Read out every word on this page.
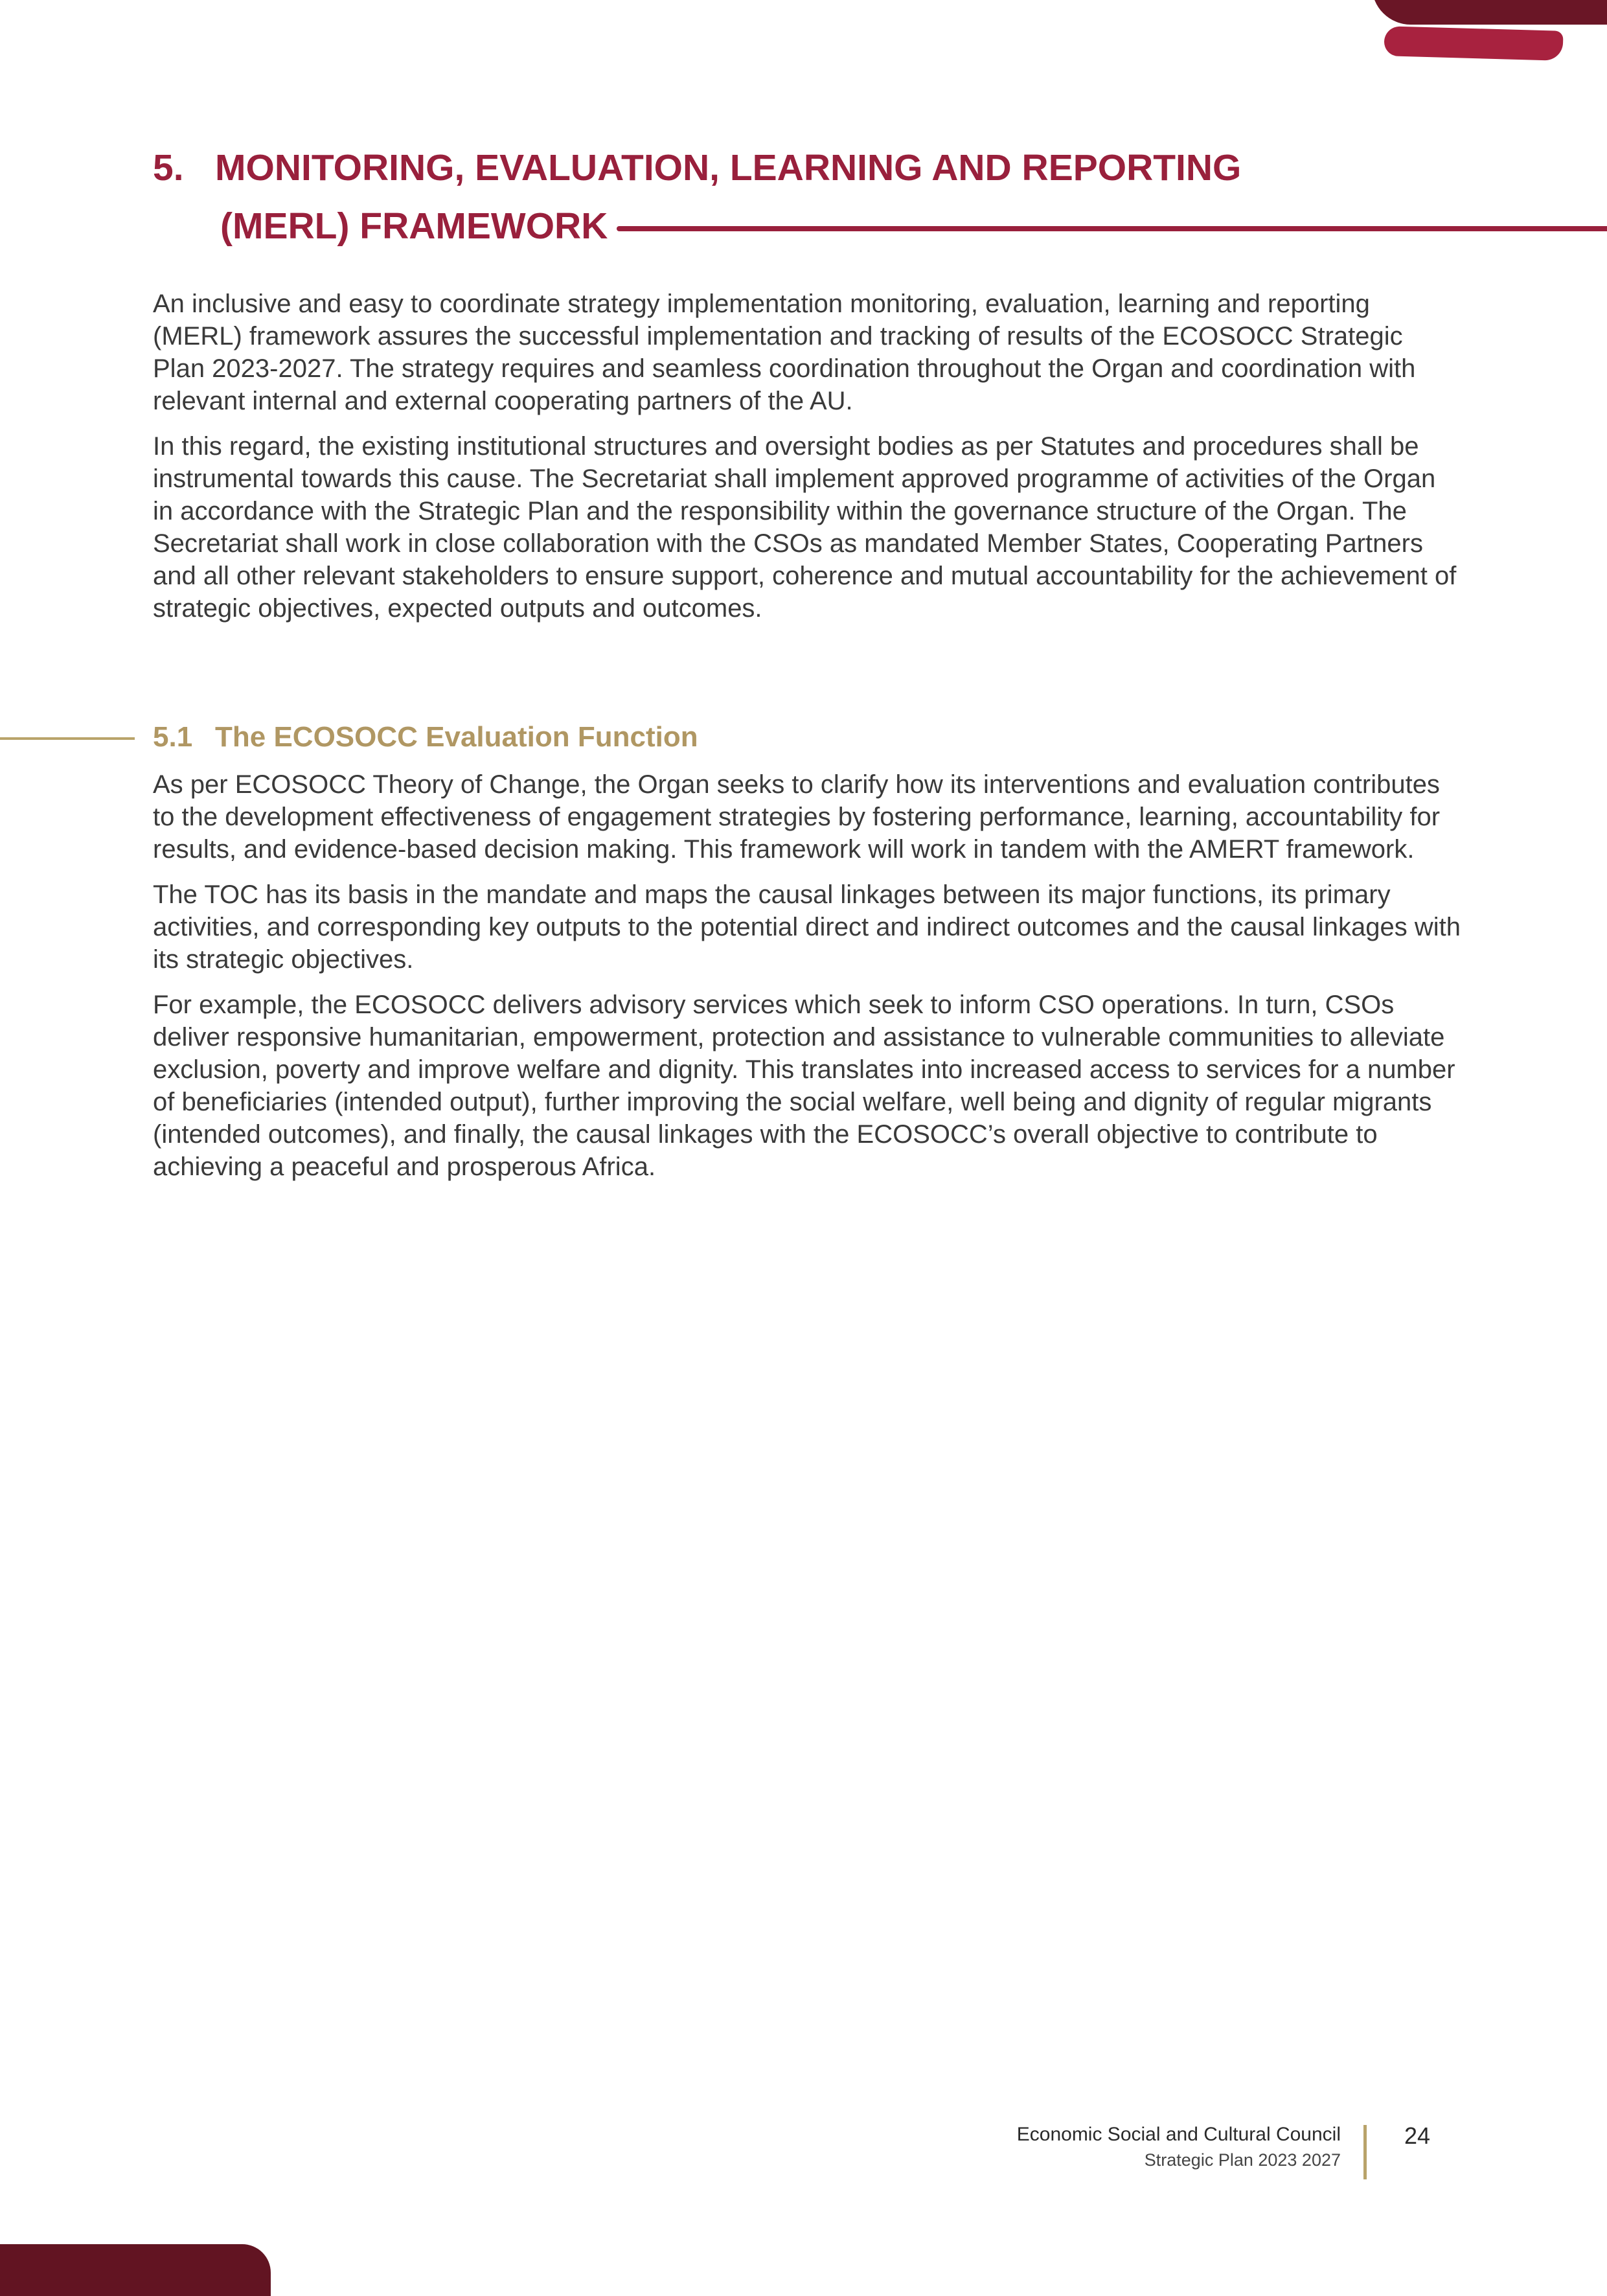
5. MONITORING, EVALUATION, LEARNING AND REPORTING
(MERL) FRAMEWORK

An inclusive and easy to coordinate strategy implementation monitoring, evaluation, learning and reporting (MERL) framework assures the successful implementation and tracking of results of the ECOSOCC Strategic Plan 2023-2027. The strategy requires and seamless coordination throughout the Organ and coordination with relevant internal and external cooperating partners of the AU.

In this regard, the existing institutional structures and oversight bodies as per Statutes and procedures shall be instrumental towards this cause. The Secretariat shall implement approved programme of activities of the Organ in accordance with the Strategic Plan and the responsibility within the governance structure of the Organ. The Secretariat shall work in close collaboration with the CSOs as mandated Member States, Cooperating Partners and all other relevant stakeholders to ensure support, coherence and mutual accountability for the achievement of strategic objectives, expected outputs and outcomes.

5.1 The ECOSOCC Evaluation Function

As per ECOSOCC Theory of Change, the Organ seeks to clarify how its interventions and evaluation contributes to the development effectiveness of engagement strategies by fostering performance, learning, accountability for results, and evidence-based decision making. This framework will work in tandem with the AMERT framework.

The TOC has its basis in the mandate and maps the causal linkages between its major functions, its primary activities, and corresponding key outputs to the potential direct and indirect outcomes and the causal linkages with its strategic objectives.

For example, the ECOSOCC delivers advisory services which seek to inform CSO operations. In turn, CSOs deliver responsive humanitarian, empowerment, protection and assistance to vulnerable communities to alleviate exclusion, poverty and improve welfare and dignity. This translates into increased access to services for a number of beneficiaries (intended output), further improving the social welfare, well being and dignity of regular migrants (intended outcomes), and finally, the causal linkages with the ECOSOCC’s overall objective to contribute to achieving a peaceful and prosperous Africa.

Economic Social and Cultural Council
Strategic Plan 2023 2027
24
